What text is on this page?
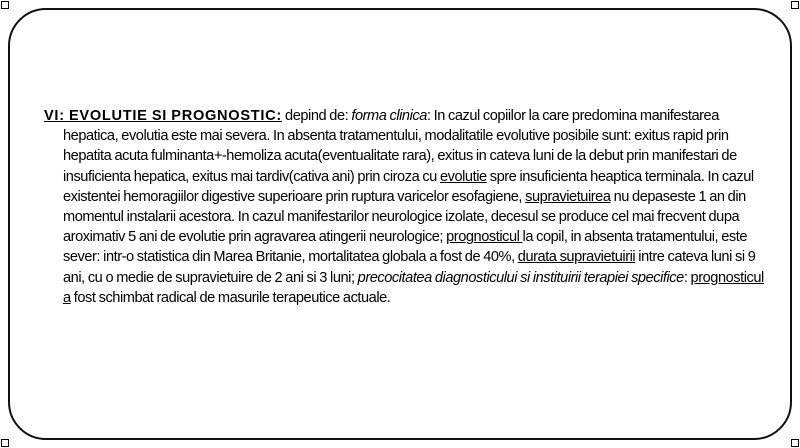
VI: EVOLUTIE SI PROGNOSTIC: depind de: forma clinica: In cazul copiilor la care predomina manifestarea hepatica, evolutia este mai severa. In absenta tratamentului, modalitatile evolutive posibile sunt: exitus rapid prin hepatita acuta fulminanta+-hemoliza acuta(eventualitate rara), exitus in cateva luni de la debut prin manifestari de insuficienta hepatica, exitus mai tardiv(cativa ani) prin ciroza cu evolutie spre insuficienta heaptica terminala. In cazul existentei hemoragiilor digestive superioare prin ruptura varicelor esofagiene, supravietuirea nu depaseste 1 an din momentul instalarii acestora. In cazul manifestarilor neurologice izolate, decesul se produce cel mai frecvent dupa aroximativ 5 ani de evolutie prin agravarea atingerii neurologice; prognosticul la copil, in absenta tratamentului, este sever: intr-o statistica din Marea Britanie, mortalitatea globala a fost de 40%, durata supravietuirii intre cateva luni si 9 ani, cu o medie de supravietuire de 2 ani si 3 luni; precocitatea diagnosticului si instituirii terapiei specifice: prognosticul a fost schimbat radical de masurile terapeutice actuale.
